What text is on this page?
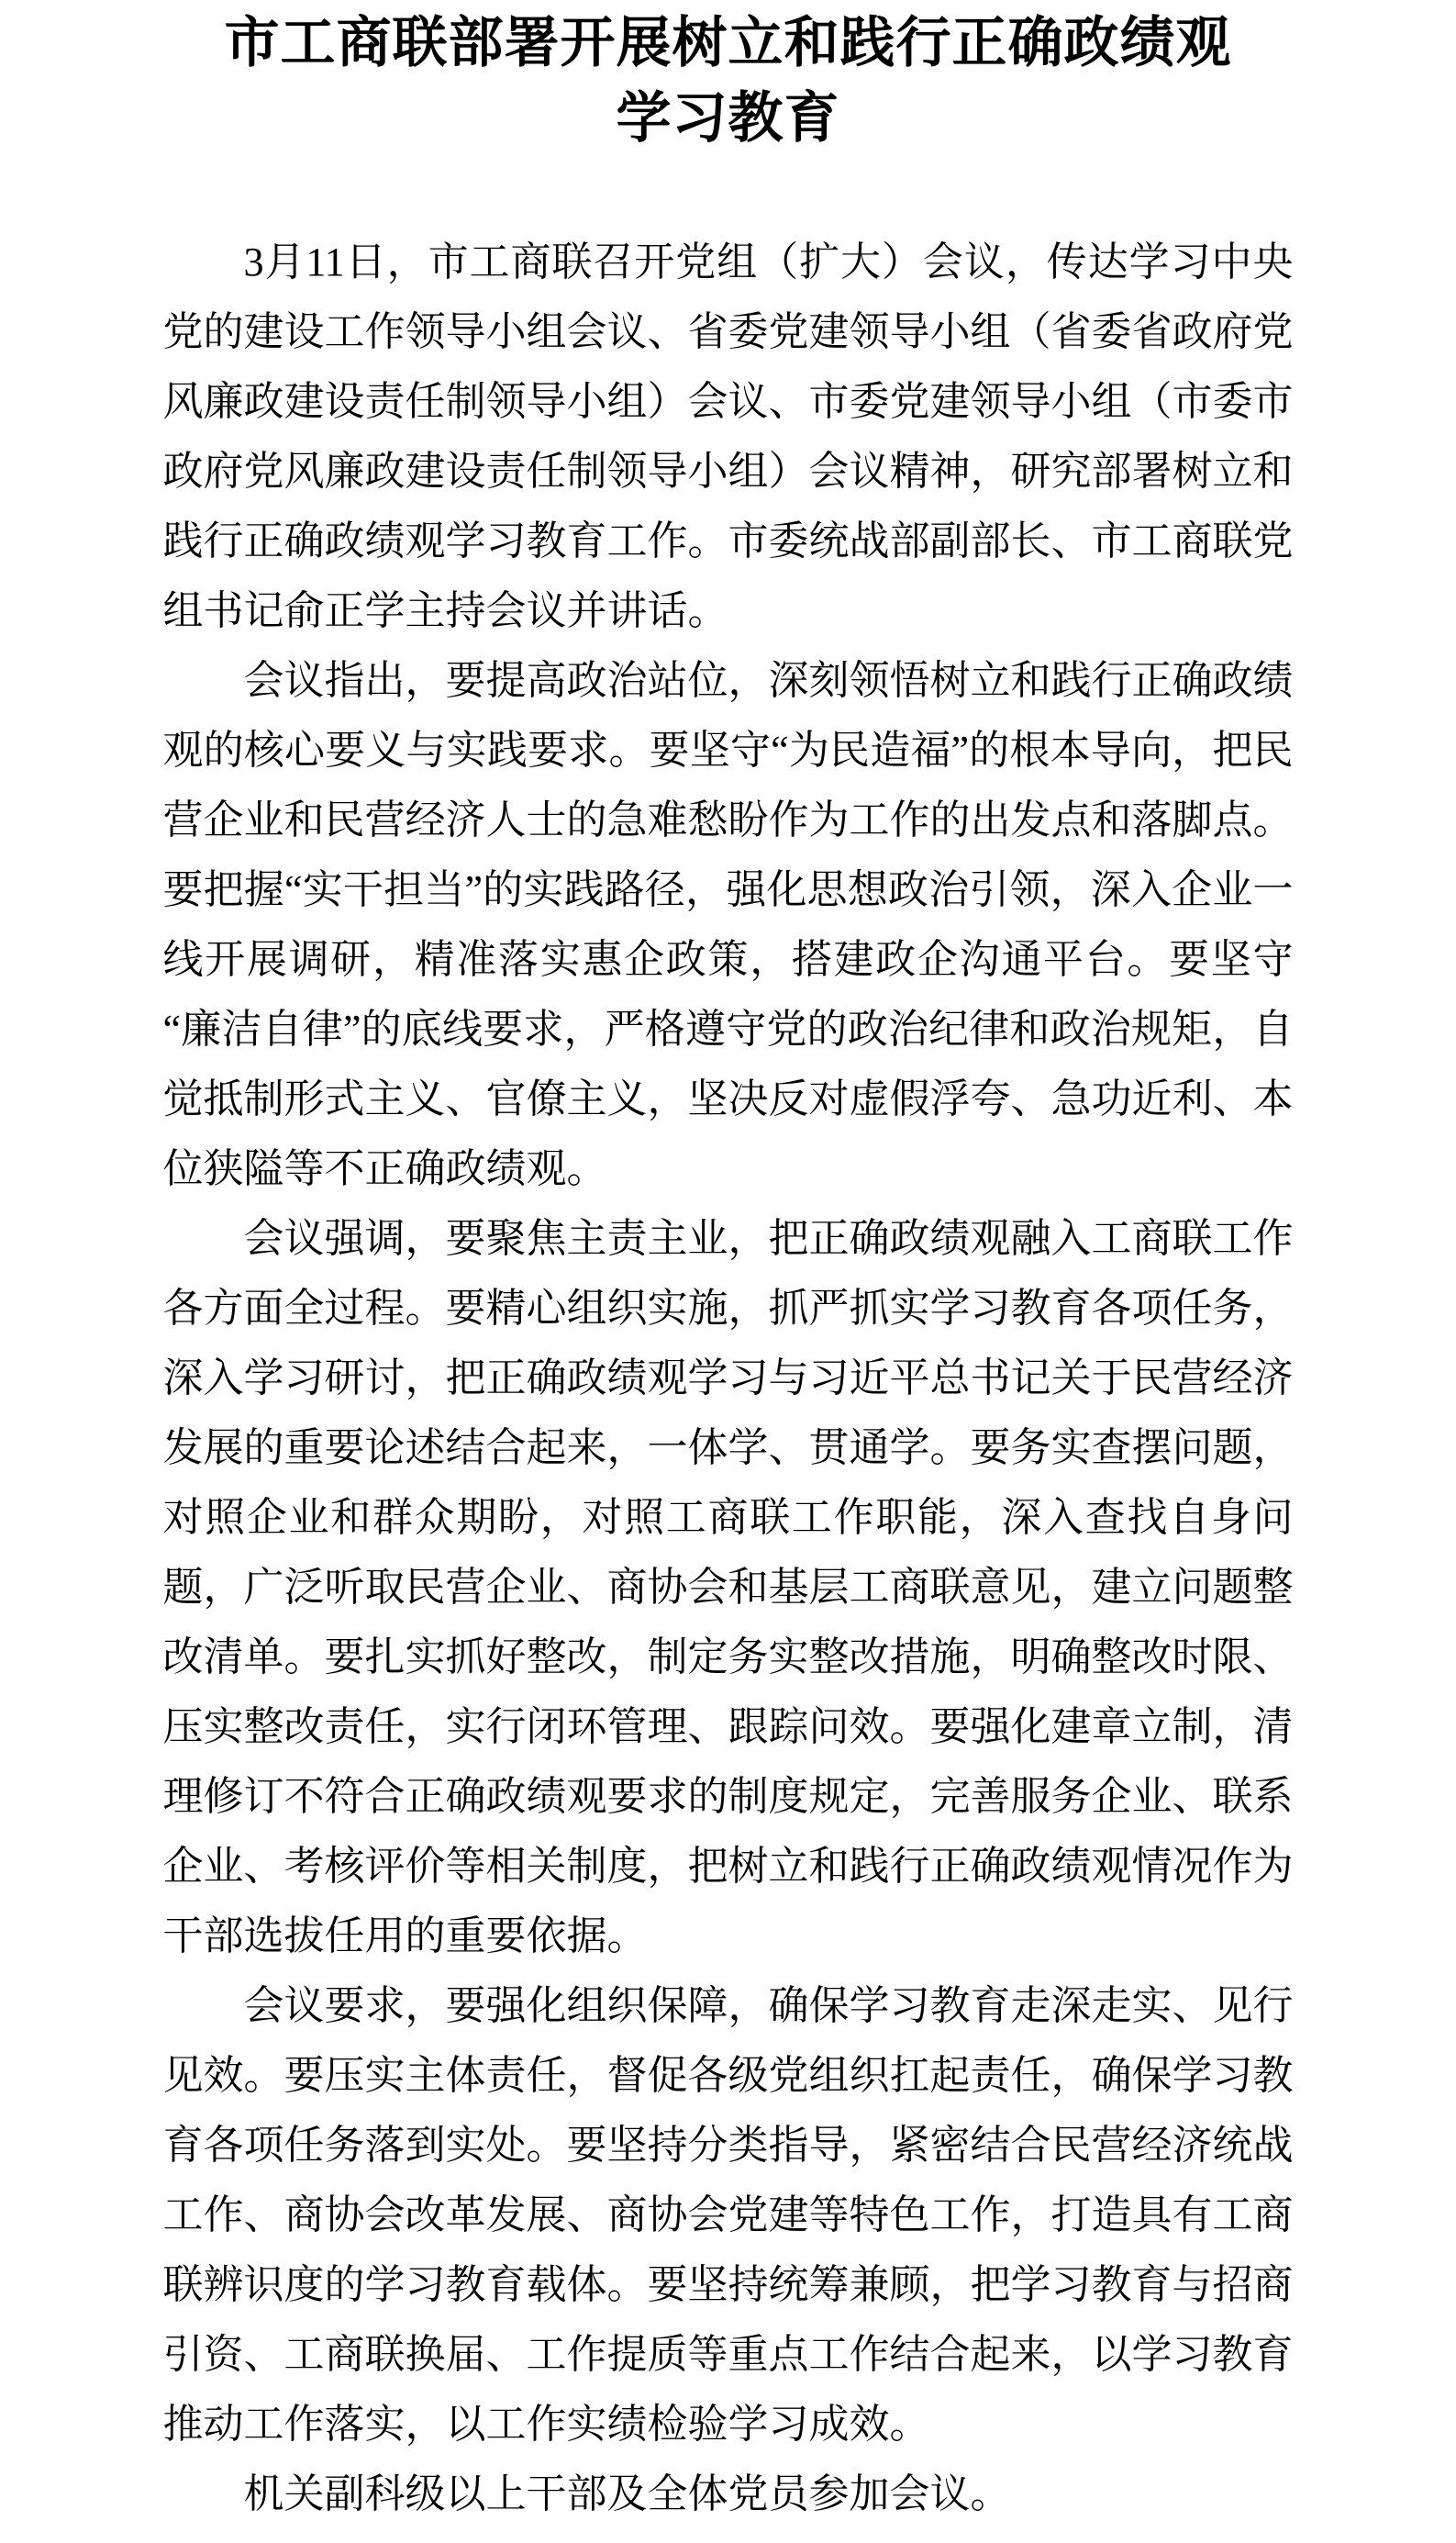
市工商联部署开展树立和践行正确政绩观
学习教育

3月11日，市工商联召开党组（扩大）会议，传达学习中央党的建设工作领导小组会议、省委党建领导小组（省委省政府党风廉政建设责任制领导小组）会议、市委党建领导小组（市委市政府党风廉政建设责任制领导小组）会议精神，研究部署树立和践行正确政绩观学习教育工作。市委统战部副部长、市工商联党组书记俞正学主持会议并讲话。

会议指出，要提高政治站位，深刻领悟树立和践行正确政绩观的核心要义与实践要求。要坚守“为民造福”的根本导向，把民营企业和民营经济人士的急难愁盼作为工作的出发点和落脚点。要把握“实干担当”的实践路径，强化思想政治引领，深入企业一线开展调研，精准落实惠企政策，搭建政企沟通平台。要坚守“廉洁自律”的底线要求，严格遵守党的政治纪律和政治规矩，自觉抵制形式主义、官僚主义，坚决反对虚假浮夸、急功近利、本位狭隘等不正确政绩观。

会议强调，要聚焦主责主业，把正确政绩观融入工商联工作各方面全过程。要精心组织实施，抓严抓实学习教育各项任务，深入学习研讨，把正确政绩观学习与习近平总书记关于民营经济发展的重要论述结合起来，一体学、贯通学。要务实查摆问题，对照企业和群众期盼，对照工商联工作职能，深入查找自身问题，广泛听取民营企业、商协会和基层工商联意见，建立问题整改清单。要扎实抓好整改，制定务实整改措施，明确整改时限、压实整改责任，实行闭环管理、跟踪问效。要强化建章立制，清理修订不符合正确政绩观要求的制度规定，完善服务企业、联系企业、考核评价等相关制度，把树立和践行正确政绩观情况作为干部选拔任用的重要依据。

会议要求，要强化组织保障，确保学习教育走深走实、见行见效。要压实主体责任，督促各级党组织扛起责任，确保学习教育各项任务落到实处。要坚持分类指导，紧密结合民营经济统战工作、商协会改革发展、商协会党建等特色工作，打造具有工商联辨识度的学习教育载体。要坚持统筹兼顾，把学习教育与招商引资、工商联换届、工作提质等重点工作结合起来，以学习教育推动工作落实，以工作实绩检验学习成效。

机关副科级以上干部及全体党员参加会议。
